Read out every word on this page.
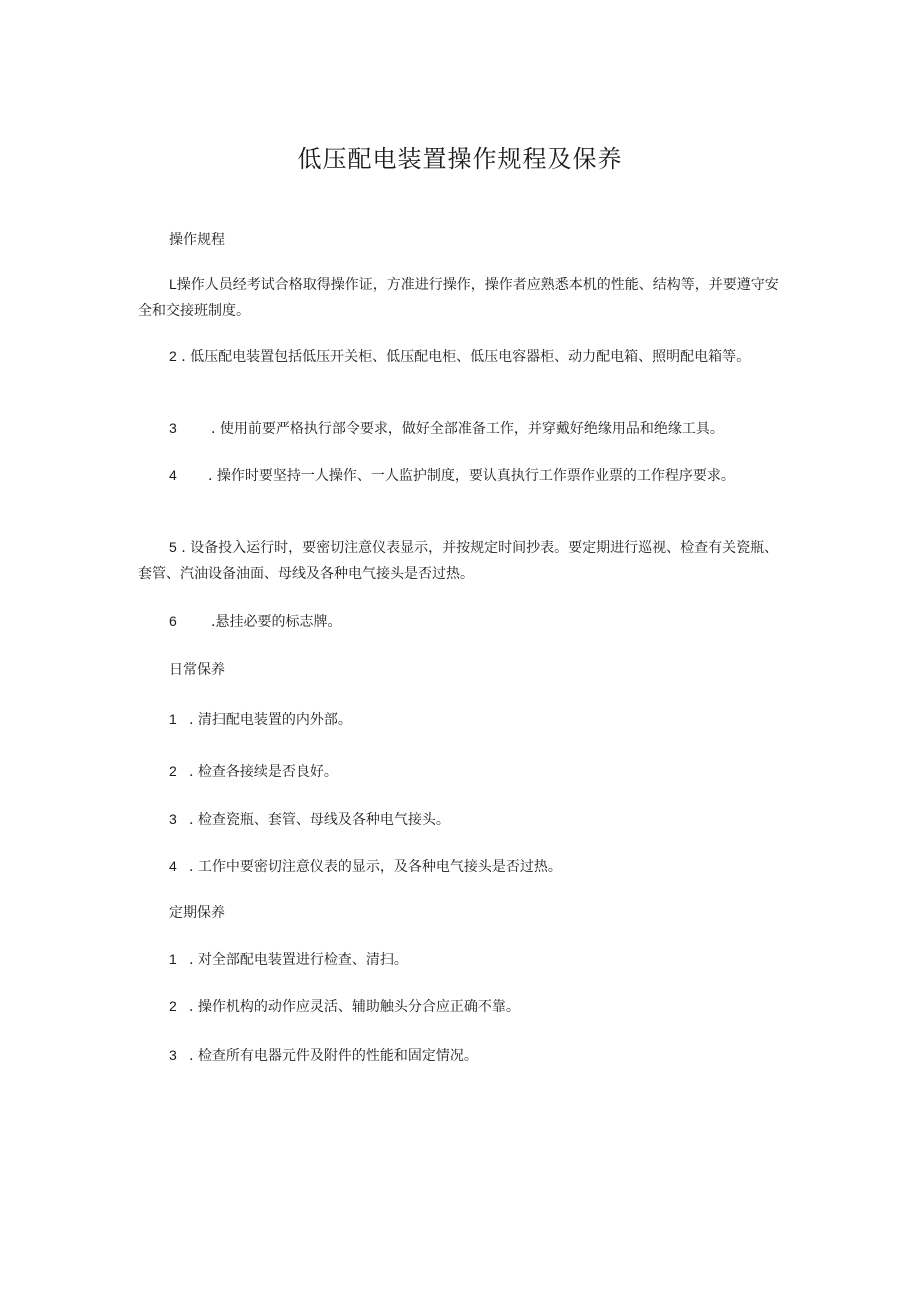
低压配电装置操作规程及保养
操作规程
L操作人员经考试合格取得操作证，方准进行操作，操作者应熟悉本机的性能、结构等，并要遵守安全和交接班制度。
2 . 低压配电装置包括低压开关柜、低压配电柜、低压电容器柜、动力配电箱、照明配电箱等。
3 . 使用前要严格执行部令要求，做好全部准备工作，并穿戴好绝缘用品和绝缘工具。
4 . 操作时要坚持一人操作、一人监护制度，要认真执行工作票作业票的工作程序要求。
5 . 设备投入运行时，要密切注意仪表显示，并按规定时间抄表。要定期进行巡视、检查有关瓷瓶、套管、汽油设备油面、母线及各种电气接头是否过热。
6 .悬挂必要的标志牌。
日常保养
1 . 清扫配电装置的内外部。
2 . 检查各接续是否良好。
3 . 检查瓷瓶、套管、母线及各种电气接头。
4 . 工作中要密切注意仪表的显示，及各种电气接头是否过热。
定期保养
1 . 对全部配电装置进行检查、清扫。
2 . 操作机构的动作应灵活、辅助触头分合应正确不靠。
3 . 检查所有电器元件及附件的性能和固定情况。
